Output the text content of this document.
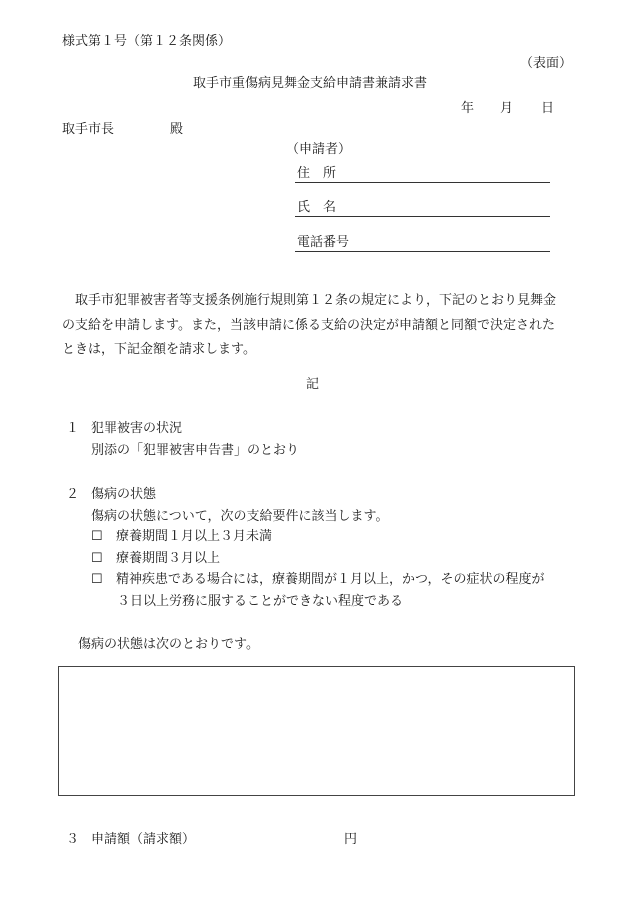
様式第１号（第１２条関係）
（表面）
取手市重傷病見舞金支給申請書兼請求書
年 月 日
取手市長	殿
（申請者）
住　所
氏　名
電話番号
取手市犯罪被害者等支援条例施行規則第１２条の規定により，下記のとおり見舞金の支給を申請します。また，当該申請に係る支給の決定が申請額と同額で決定されたときは，下記金額を請求します。
記
１ 犯罪被害の状況
別添の「犯罪被害申告書」のとおり
２ 傷病の状態
傷病の状態について，次の支給要件に該当します。
☐ 療養期間１月以上３月未満
☐ 療養期間３月以上
☐ 精神疾患である場合には，療養期間が１月以上，かつ，その症状の程度が
３日以上労務に服することができない程度である
傷病の状態は次のとおりです。
３ 申請額（請求額）	円
